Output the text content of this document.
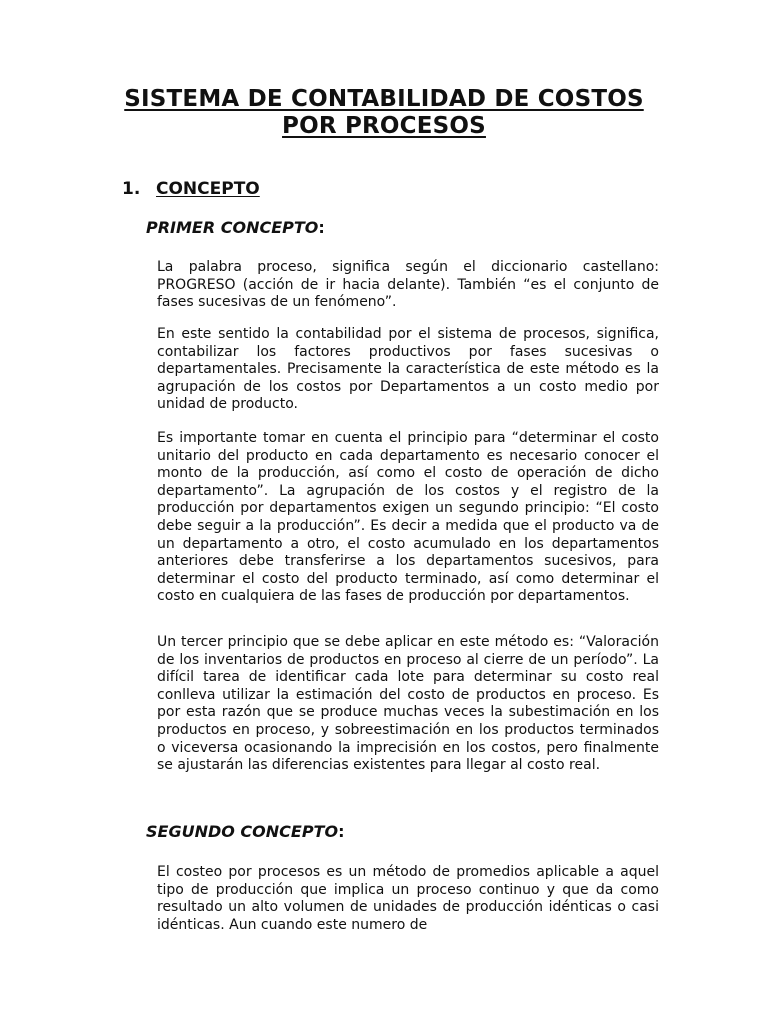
SISTEMA DE CONTABILIDAD DE COSTOS POR PROCESOS
1. CONCEPTO
PRIMER CONCEPTO:

La palabra proceso, significa según el diccionario castellano: PROGRESO (acción de ir hacia delante). También “es el conjunto de fases sucesivas de un fenómeno”.

En este sentido la contabilidad por el sistema de procesos, significa, contabilizar los factores productivos por fases sucesivas o departamentales. Precisamente la característica de este método es la agrupación de los costos por Departamentos a un costo medio por unidad de producto.

Es importante tomar en cuenta el principio para “determinar el costo unitario del producto en cada departamento es necesario conocer el monto de la producción, así como el costo de operación de dicho departamento”. La agrupación de los costos y el registro de la producción por departamentos exigen un segundo principio: “El costo debe seguir a la producción”. Es decir a medida que el producto va de un departamento a otro, el costo acumulado en los departamentos anteriores debe transferirse a los departamentos sucesivos, para determinar el costo del producto terminado, así como determinar el costo en cualquiera de las fases de producción por departamentos.

Un tercer principio que se debe aplicar en este método es: “Valoración de los inventarios de productos en proceso al cierre de un período”. La difícil tarea de identificar cada lote para determinar su costo real conlleva utilizar la estimación del costo de productos en proceso. Es por esta razón que se produce muchas veces la subestimación en los productos en proceso, y sobreestimación en los productos terminados o viceversa ocasionando la imprecisión en los costos, pero finalmente se ajustarán las diferencias existentes para llegar al costo real.

SEGUNDO CONCEPTO:

El costeo por procesos es un método de promedios aplicable a aquel tipo de producción que implica un proceso continuo y que da como resultado un alto volumen de unidades de producción idénticas o casi idénticas. Aun cuando este numero de
